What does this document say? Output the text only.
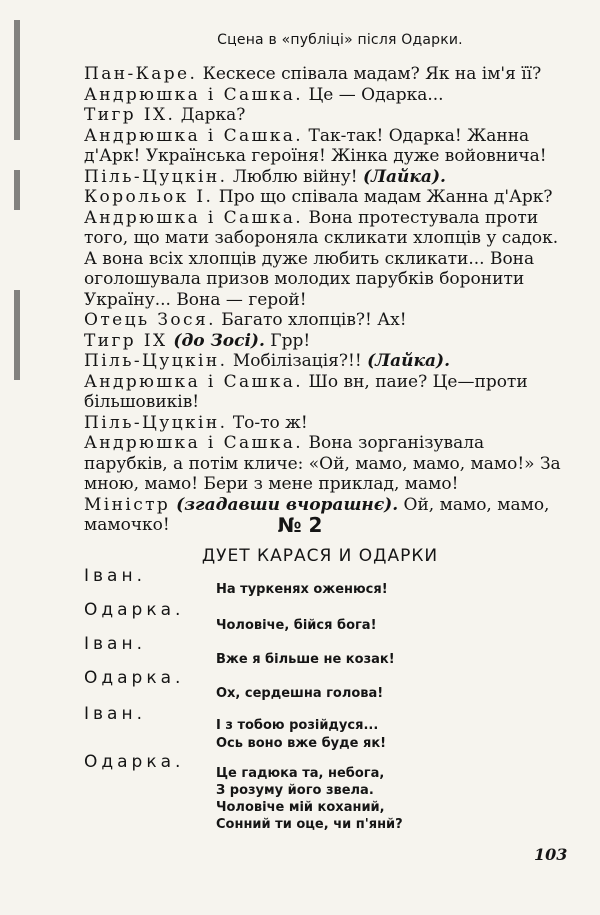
Сцена в «публіці» після Одарки.

Пан-Каре. Кескесе співала мадам? Як на ім'я її?

Андрюшка і Сашка. Це — Одарка...

Тигр IX. Дарка?

Андрюшка і Сашка. Так-так! Одарка! Жанна д'Арк! Українська героїня! Жінка дуже войовнича!

Піль-Цуцкін. Люблю війну! (Лайка).

Корольок І. Про що співала мадам Жанна д'Арк?

Андрюшка і Сашка. Вона протестувала проти того, що мати забороняла скликати хлопців у садок. А вона всіх хлопців дуже любить скликати... Вона оголошувала призов молодих парубків боронити Україну... Вона — герой!

Отець Зося. Багато хлопців?! Ах!

Тигр IX (до Зосі). Грр!

Піль-Цуцкін. Мобілізація?!! (Лайка).

Андрюшка і Сашка. Шо вн, паие? Це—проти більшовиків!

Піль-Цуцкін. То-то ж!

Андрюшка і Сашка. Вона зорганізувала парубків, а потім кличе: «Ой, мамо, мамо, мамо!» За мною, мамо! Бери з мене приклад, мамо!

Міністр (згадавши вчорашнє). Ой, мамо, мамо, мамочко!	№ 2
ДУЕТ КАРАСЯ И ОДАРКИ
Іван.
На туркенях оженюся!
Одарка.
Чоловіче, бійся бога!
Іван.
Вже я більше не козак!
Одарка.
Ох, сердешна голова!
Іван.
І з тобою розійдуся...
Ось воно вже буде як!
Одарка.
Це гадюка та, небога,
З розуму його звела.
Чоловіче мій коханий,
Сонний ти оце, чи п'янй?
103
